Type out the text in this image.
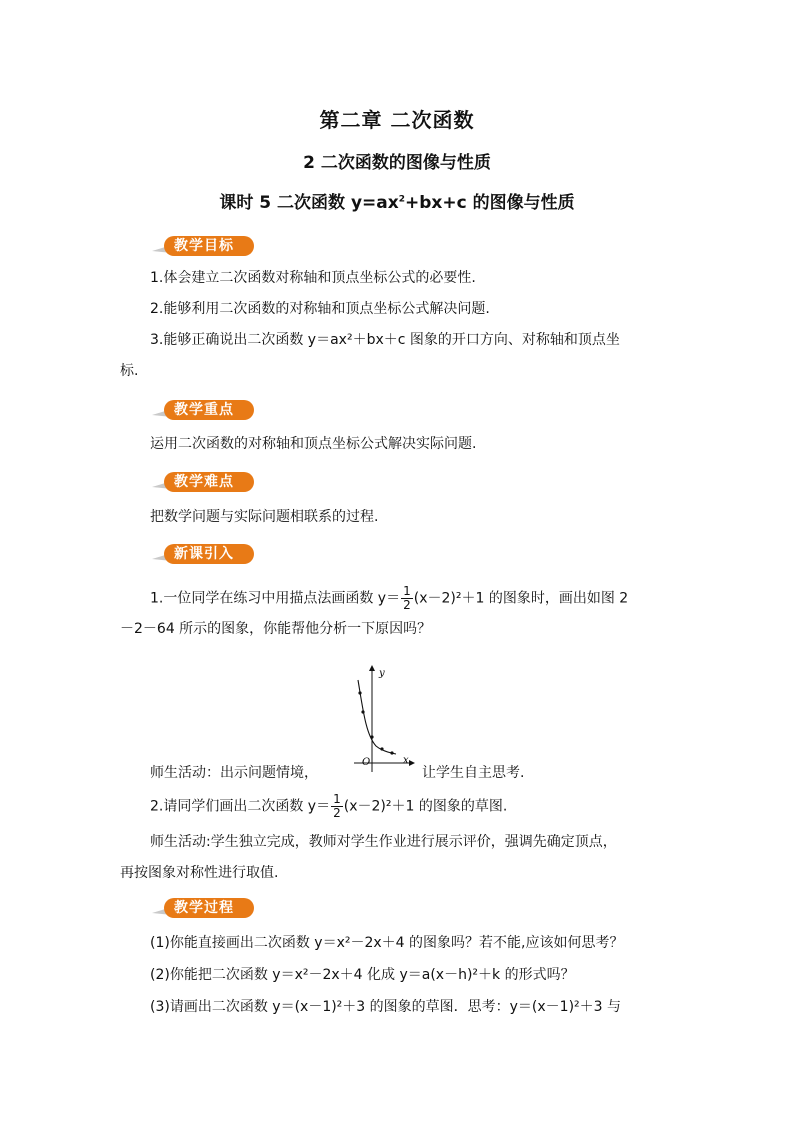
第二章 二次函数
2 二次函数的图像与性质
课时 5 二次函数 $y=ax^2+bx+c$ 的图像与性质
教学目标
1.体会建立二次函数对称轴和顶点坐标公式的必要性.
2.能够利用二次函数的对称轴和顶点坐标公式解决问题.
3.能够正确说出二次函数 y＝ax²＋bx＋c 图象的开口方向、对称轴和顶点坐
标.
教学重点
运用二次函数的对称轴和顶点坐标公式解决实际问题.
教学难点
把数学问题与实际问题相联系的过程.
新课引入
1.一位同学在练习中用描点法画函数 $y= \frac{1}{2} (x-2)^2+1$ 的图象时，画出如图 2
－2－64 所示的图象，你能帮他分析一下原因吗？
y
x
O
师生活动：出示问题情境，	让学生自主思考.
2.请同学们画出二次函数 $y= \frac{1}{2} (x-2)^2+1$ 的图象的草图.
师生活动:学生独立完成，教师对学生作业进行展示评价，强调先确定顶点，
再按图象对称性进行取值.
教学过程
(1)你能直接画出二次函数 y＝x²－2x＋4 的图象吗？若不能,应该如何思考？
(2)你能把二次函数 y＝x²－2x＋4 化成 y＝a(x－h)²＋k 的形式吗？
(3)请画出二次函数 y＝(x－1)²＋3 的图象的草图．思考：y＝(x－1)²＋3 与
